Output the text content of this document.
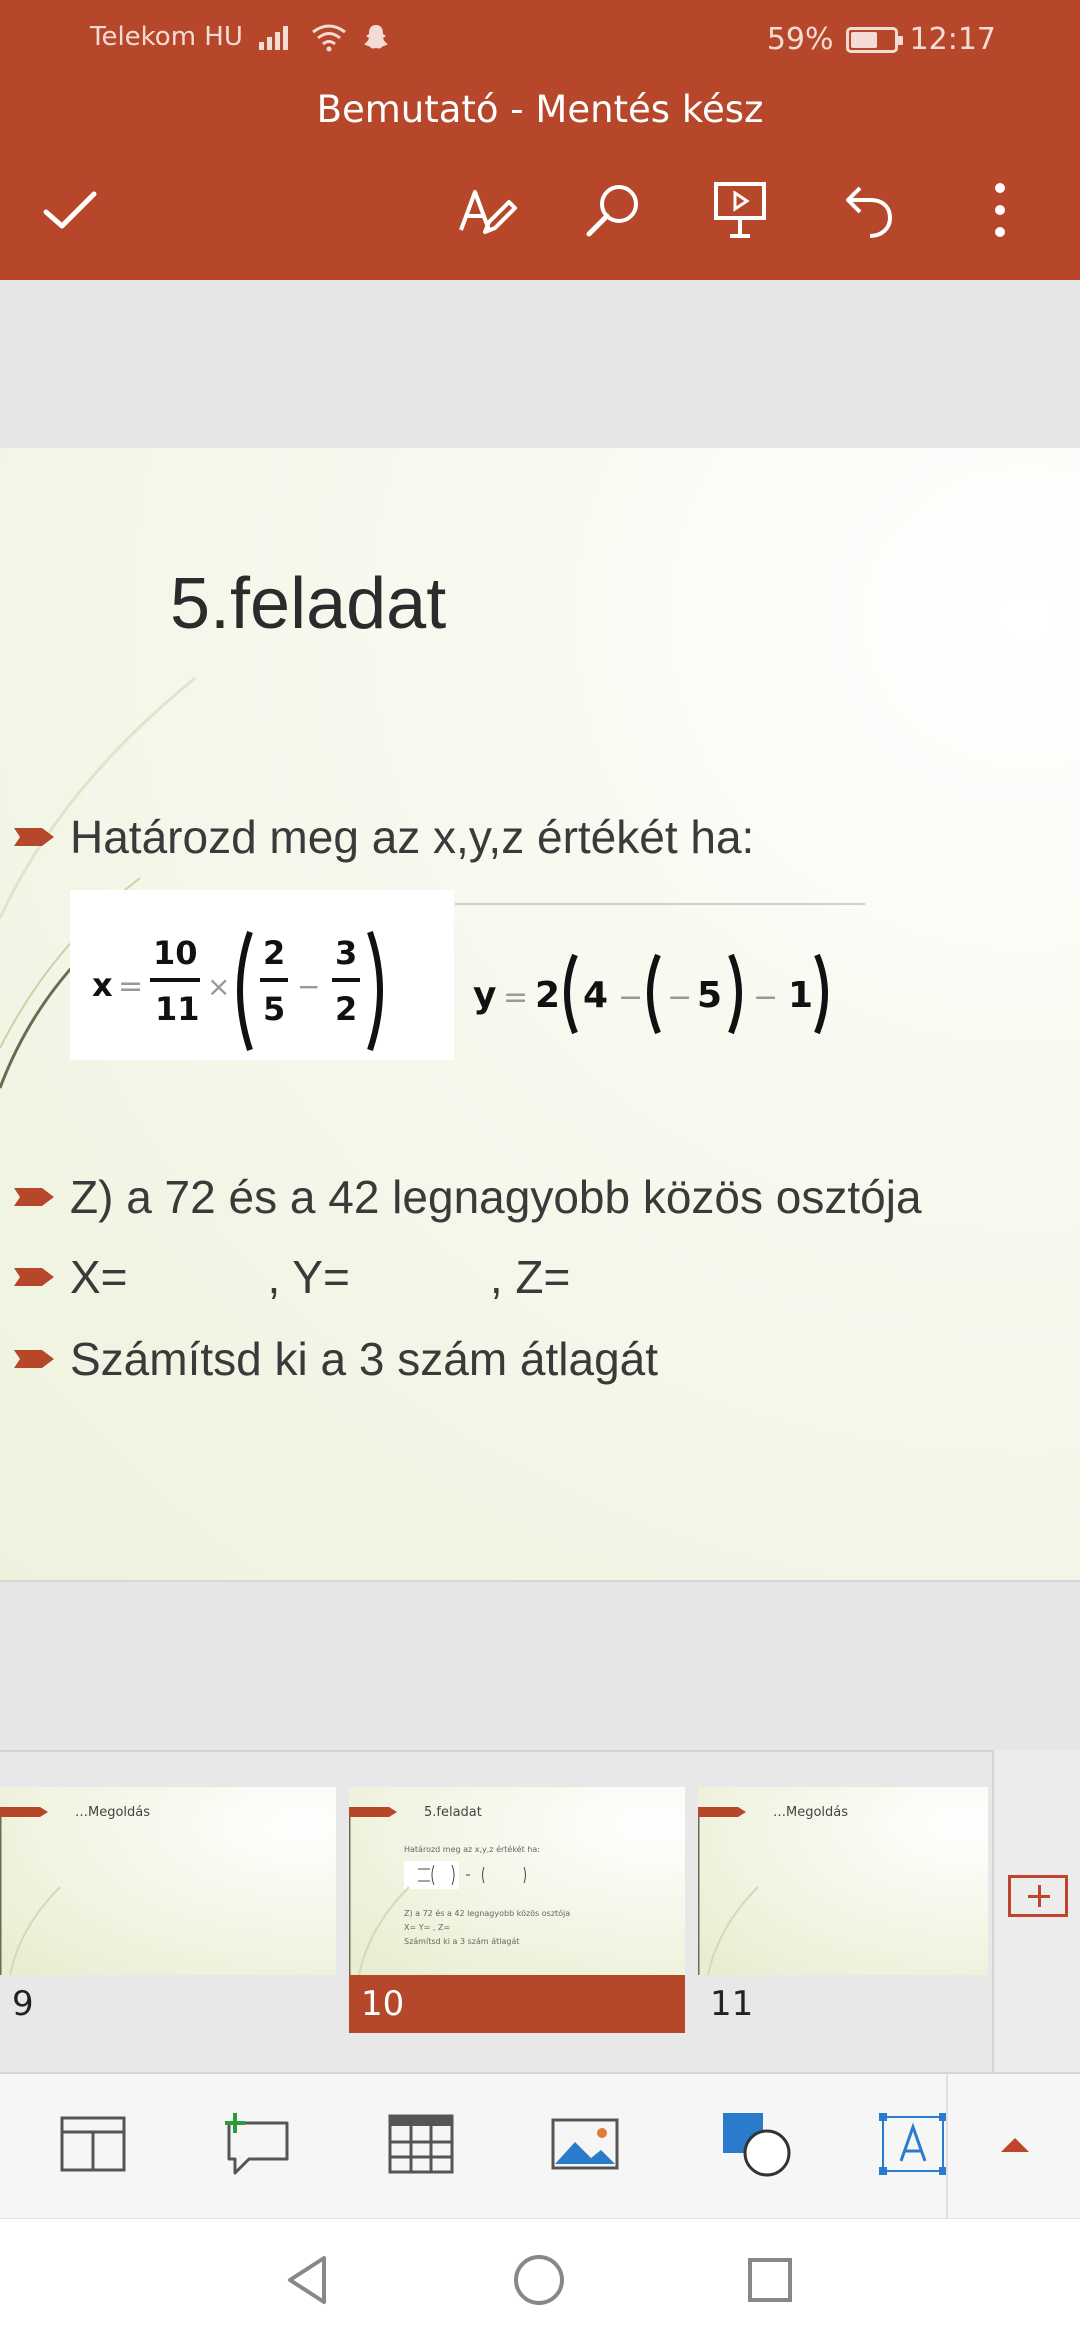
Telekom HU	59%	12:17
Bemutató - Mentés kész
5.feladat
Határozd meg az x,y,z értékét ha:
x =
10
11
×
2
5
−
3
2	y = 2 4 − − 5 − 1
Z) a 72 és a 42 legnagyobb közös osztója
X=	, Y=	, Z=
Számítsd ki a 3 szám átlagát
…Megoldás
9
5.feladat
Határozd meg az x,y,z értékét ha:
Z) a 72 és a 42 legnagyobb közös osztója
X= Y= , Z=
Számítsd ki a 3 szám átlagát
10
…Megoldás
11
